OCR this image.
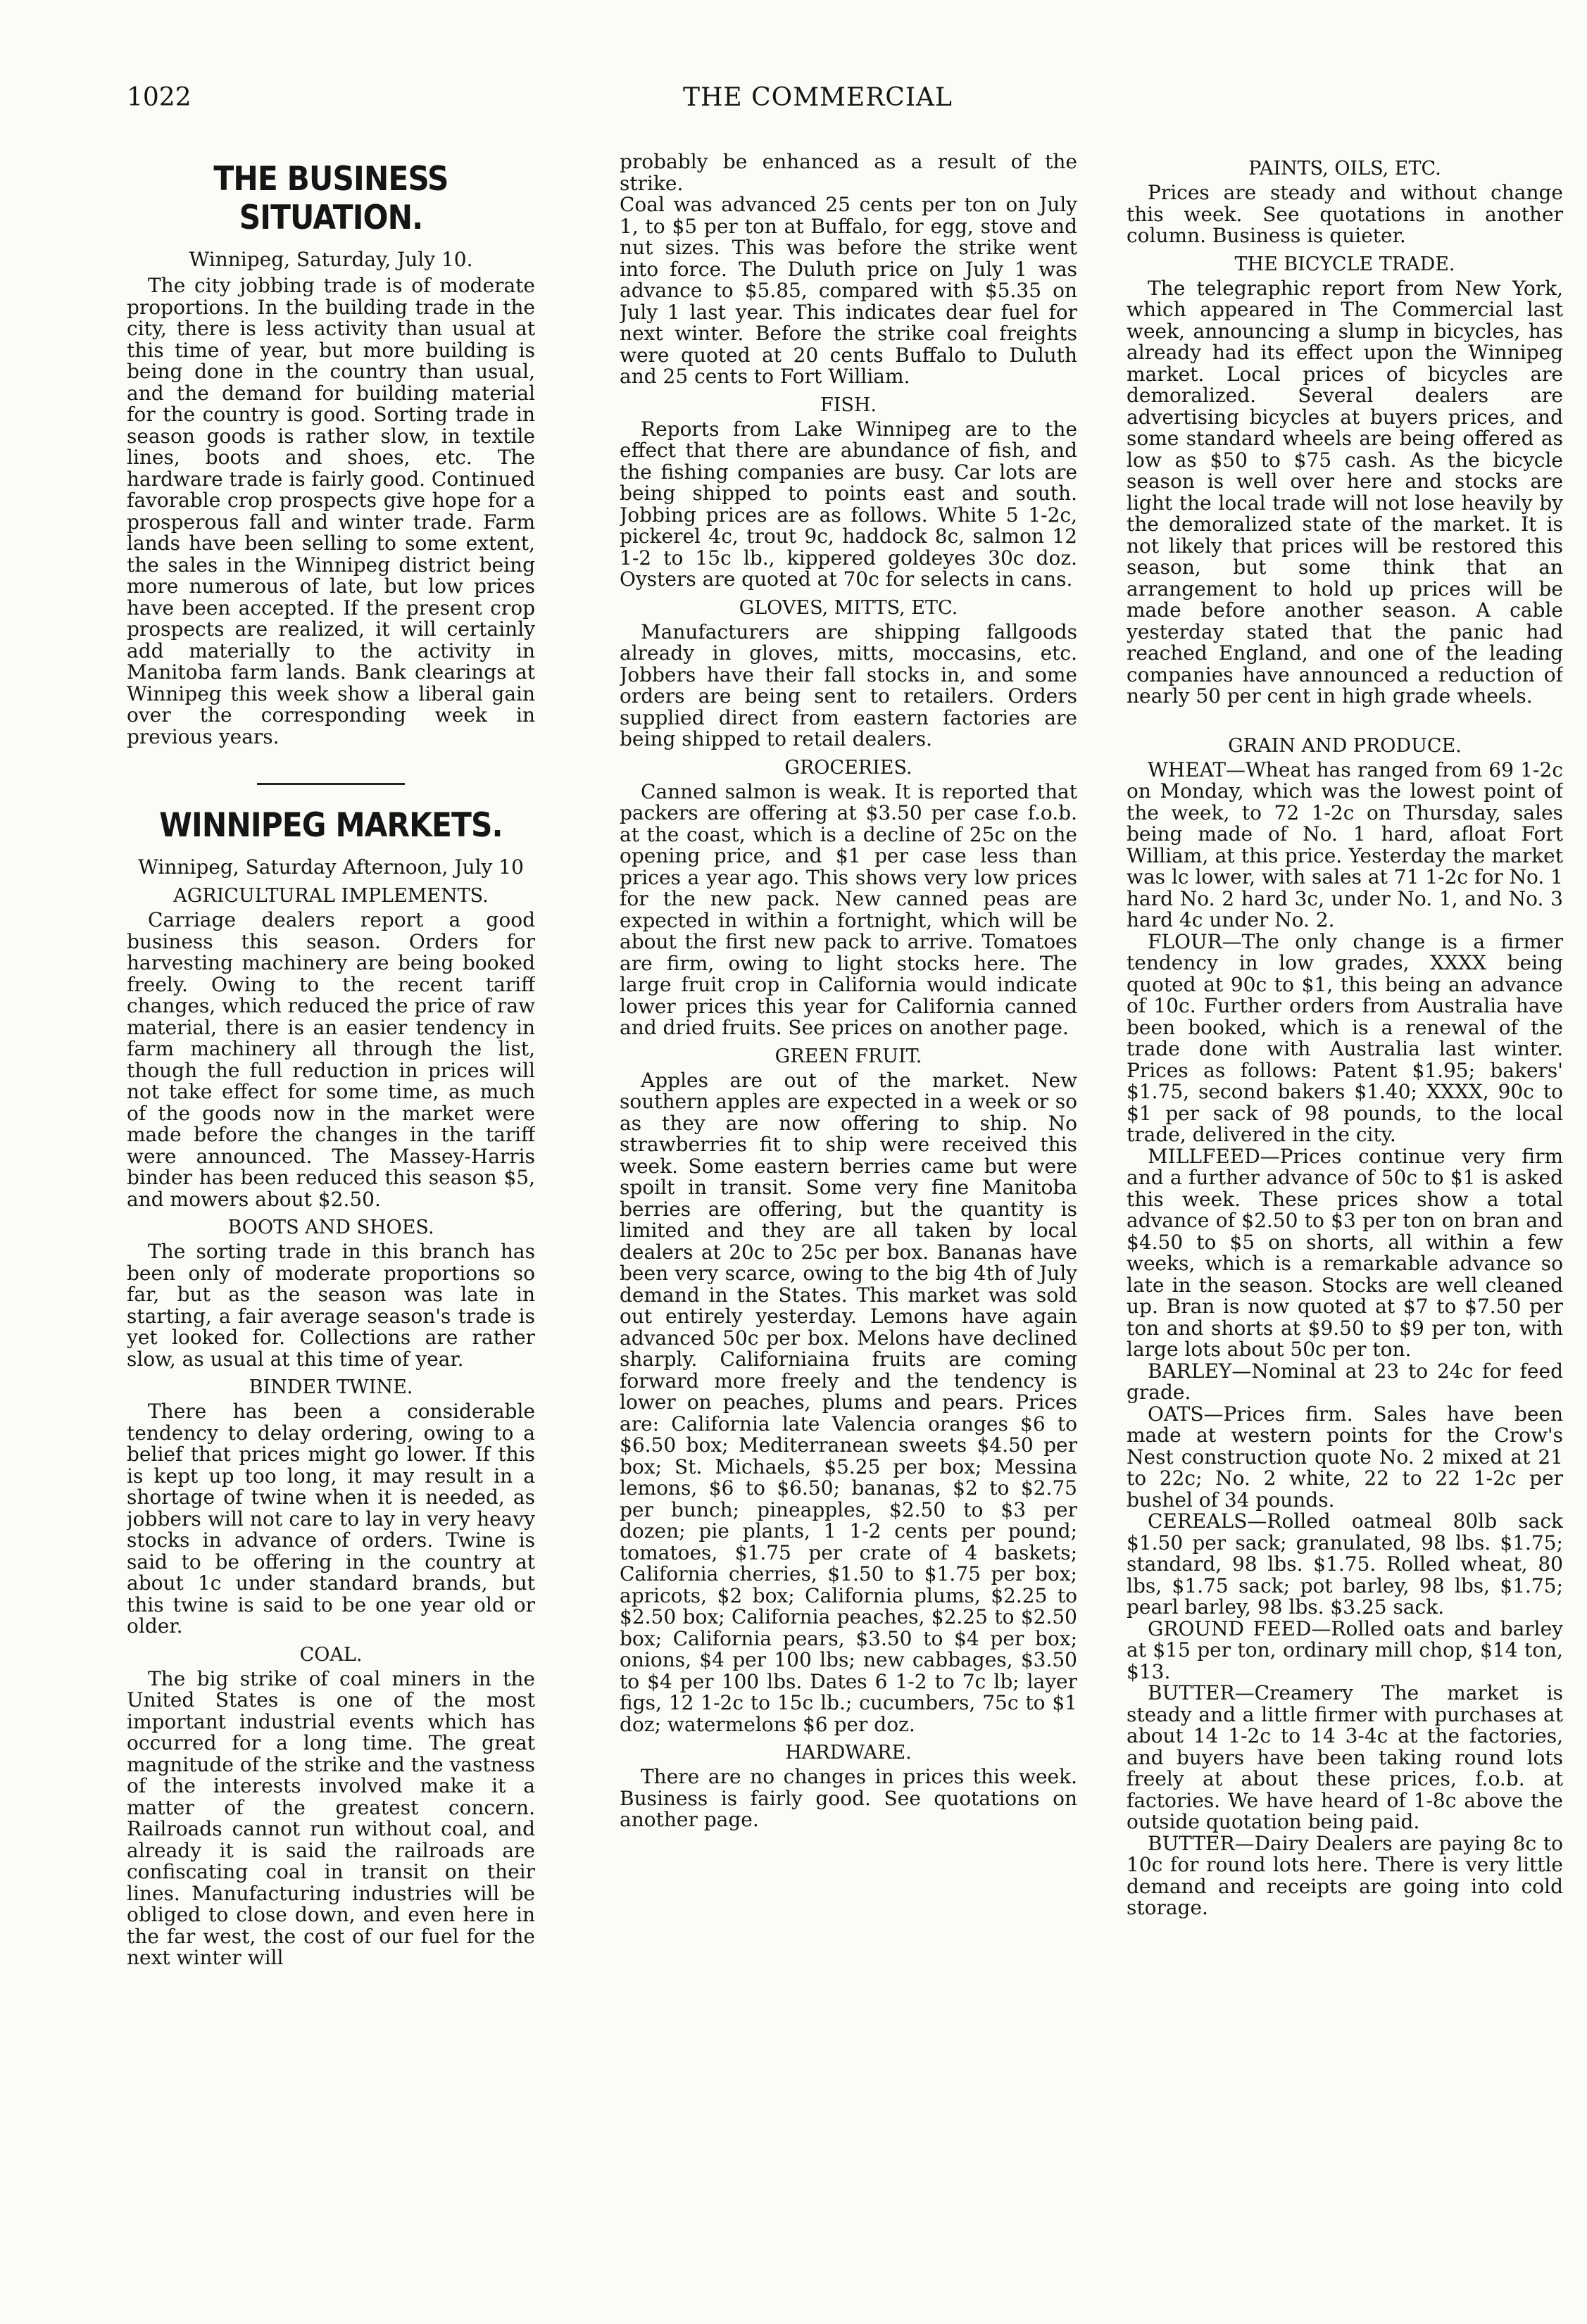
1022	THE COMMERCIAL
THE BUSINESS SITUATION.
Winnipeg, Saturday, July 10.

The city jobbing trade is of moderate proportions. In the building trade in the city, there is less activity than usual at this time of year, but more building is being done in the country than usual, and the demand for building material for the country is good. Sorting trade in season goods is rather slow, in textile lines, boots and shoes, etc. The hardware trade is fairly good. Continued favorable crop prospects give hope for a prosperous fall and winter trade. Farm lands have been selling to some extent, the sales in the Winnipeg district being more numerous of late, but low prices have been accepted. If the present crop prospects are realized, it will certainly add materially to the activity in Manitoba farm lands. Bank clearings at Winnipeg this week show a liberal gain over the corresponding week in previous years.

WINNIPEG MARKETS.
Winnipeg, Saturday Afternoon, July 10
AGRICULTURAL IMPLEMENTS.

Carriage dealers report a good business this season. Orders for harvesting machinery are being booked freely. Owing to the recent tariff changes, which reduced the price of raw material, there is an easier tendency in farm machinery all through the list, though the full reduction in prices will not take effect for some time, as much of the goods now in the market were made before the changes in the tariff were announced. The Massey-Harris binder has been reduced this season $5, and mowers about $2.50.

BOOTS AND SHOES.

The sorting trade in this branch has been only of moderate proportions so far, but as the season was late in starting, a fair average season's trade is yet looked for. Collections are rather slow, as usual at this time of year.

BINDER TWINE.

There has been a considerable tendency to delay ordering, owing to a belief that prices might go lower. If this is kept up too long, it may result in a shortage of twine when it is needed, as jobbers will not care to lay in very heavy stocks in advance of orders. Twine is said to be offering in the country at about 1c under standard brands, but this twine is said to be one year old or older.

COAL.

The big strike of coal miners in the United States is one of the most important industrial events which has occurred for a long time. The great magnitude of the strike and the vastness of the interests involved make it a matter of the greatest concern. Railroads cannot run without coal, and already it is said the railroads are confiscating coal in transit on their lines. Manufacturing industries will be obliged to close down, and even here in the far west, the cost of our fuel for the next winter will

probably be enhanced as a result of the strike.
Coal was advanced 25 cents per ton on July 1, to $5 per ton at Buffalo, for egg, stove and nut sizes. This was before the strike went into force. The Duluth price on July 1 was advance to $5.85, compared with $5.35 on July 1 last year. This indicates dear fuel for next winter. Before the strike coal freights were quoted at 20 cents Buffalo to Duluth and 25 cents to Fort William.

FISH.

Reports from Lake Winnipeg are to the effect that there are abundance of fish, and the fishing companies are busy. Car lots are being shipped to points east and south. Jobbing prices are as follows. White 5 1-2c, pickerel 4c, trout 9c, haddock 8c, salmon 12 1-2 to 15c lb., kippered goldeyes 30c doz. Oysters are quoted at 70c for selects in cans.

GLOVES, MITTS, ETC.

Manufacturers are shipping fallgoods already in gloves, mitts, moccasins, etc. Jobbers have their fall stocks in, and some orders are being sent to retailers. Orders supplied direct from eastern factories are being shipped to retail dealers.

GROCERIES.

Canned salmon is weak. It is reported that packers are offering at $3.50 per case f.o.b. at the coast, which is a decline of 25c on the opening price, and $1 per case less than prices a year ago. This shows very low prices for the new pack. New canned peas are expected in within a fortnight, which will be about the first new pack to arrive. Tomatoes are firm, owing to light stocks here. The large fruit crop in California would indicate lower prices this year for California canned and dried fruits. See prices on another page.

GREEN FRUIT.

Apples are out of the market. New southern apples are expected in a week or so as they are now offering to ship. No strawberries fit to ship were received this week. Some eastern berries came but were spoilt in transit. Some very fine Manitoba berries are offering, but the quantity is limited and they are all taken by local dealers at 20c to 25c per box. Bananas have been very scarce, owing to the big 4th of July demand in the States. This market was sold out entirely yesterday. Lemons have again advanced 50c per box. Melons have declined sharply. Californiaina fruits are coming forward more freely and the tendency is lower on peaches, plums and pears. Prices are: California late Valencia oranges $6 to $6.50 box; Mediterranean sweets $4.50 per box; St. Michaels, $5.25 per box; Messina lemons, $6 to $6.50; bananas, $2 to $2.75 per bunch; pineapples, $2.50 to $3 per dozen; pie plants, 1 1-2 cents per pound; tomatoes, $1.75 per crate of 4 baskets; California cherries, $1.50 to $1.75 per box; apricots, $2 box; California plums, $2.25 to $2.50 box; California peaches, $2.25 to $2.50 box; California pears, $3.50 to $4 per box; onions, $4 per 100 lbs; new cabbages, $3.50 to $4 per 100 lbs. Dates 6 1-2 to 7c lb; layer figs, 12 1-2c to 15c lb.; cucumbers, 75c to $1 doz; watermelons $6 per doz.

HARDWARE.

There are no changes in prices this week. Business is fairly good. See quotations on another page.

PAINTS, OILS, ETC.

Prices are steady and without change this week. See quotations in another column. Business is quieter.

THE BICYCLE TRADE.

The telegraphic report from New York, which appeared in The Commercial last week, announcing a slump in bicycles, has already had its effect upon the Winnipeg market. Local prices of bicycles are demoralized. Several dealers are advertising bicycles at buyers prices, and some standard wheels are being offered as low as $50 to $75 cash. As the bicycle season is well over here and stocks are light the local trade will not lose heavily by the demoralized state of the market. It is not likely that prices will be restored this season, but some think that an arrangement to hold up prices will be made before another season. A cable yesterday stated that the panic had reached England, and one of the leading companies have announced a reduction of nearly 50 per cent in high grade wheels.

GRAIN AND PRODUCE.

WHEAT—Wheat has ranged from 69 1-2c on Monday, which was the lowest point of the week, to 72 1-2c on Thursday, sales being made of No. 1 hard, afloat Fort William, at this price. Yesterday the market was lc lower, with sales at 71 1-2c for No. 1 hard No. 2 hard 3c, under No. 1, and No. 3 hard 4c under No. 2.

FLOUR—The only change is a firmer tendency in low grades, XXXX being quoted at 90c to $1, this being an advance of 10c. Further orders from Australia have been booked, which is a renewal of the trade done with Australia last winter. Prices as follows: Patent $1.95; bakers' $1.75, second bakers $1.40; XXXX, 90c to $1 per sack of 98 pounds, to the local trade, delivered in the city.

MILLFEED—Prices continue very firm and a further advance of 50c to $1 is asked this week. These prices show a total advance of $2.50 to $3 per ton on bran and $4.50 to $5 on shorts, all within a few weeks, which is a remarkable advance so late in the season. Stocks are well cleaned up. Bran is now quoted at $7 to $7.50 per ton and shorts at $9.50 to $9 per ton, with large lots about 50c per ton.

BARLEY—Nominal at 23 to 24c for feed grade.

OATS—Prices firm. Sales have been made at western points for the Crow's Nest construction quote No. 2 mixed at 21 to 22c; No. 2 white, 22 to 22 1-2c per bushel of 34 pounds.

CEREALS—Rolled oatmeal 80lb sack $1.50 per sack; granulated, 98 lbs. $1.75; standard, 98 lbs. $1.75. Rolled wheat, 80 lbs, $1.75 sack; pot barley, 98 lbs, $1.75; pearl barley, 98 lbs. $3.25 sack.

GROUND FEED—Rolled oats and barley at $15 per ton, ordinary mill chop, $14 ton, $13.

BUTTER—Creamery The market is steady and a little firmer with purchases at about 14 1-2c to 14 3-4c at the factories, and buyers have been taking round lots freely at about these prices, f.o.b. at factories. We have heard of 1-8c above the outside quotation being paid.

BUTTER—Dairy Dealers are paying 8c to 10c for round lots here. There is very little demand and receipts are going into cold storage.
